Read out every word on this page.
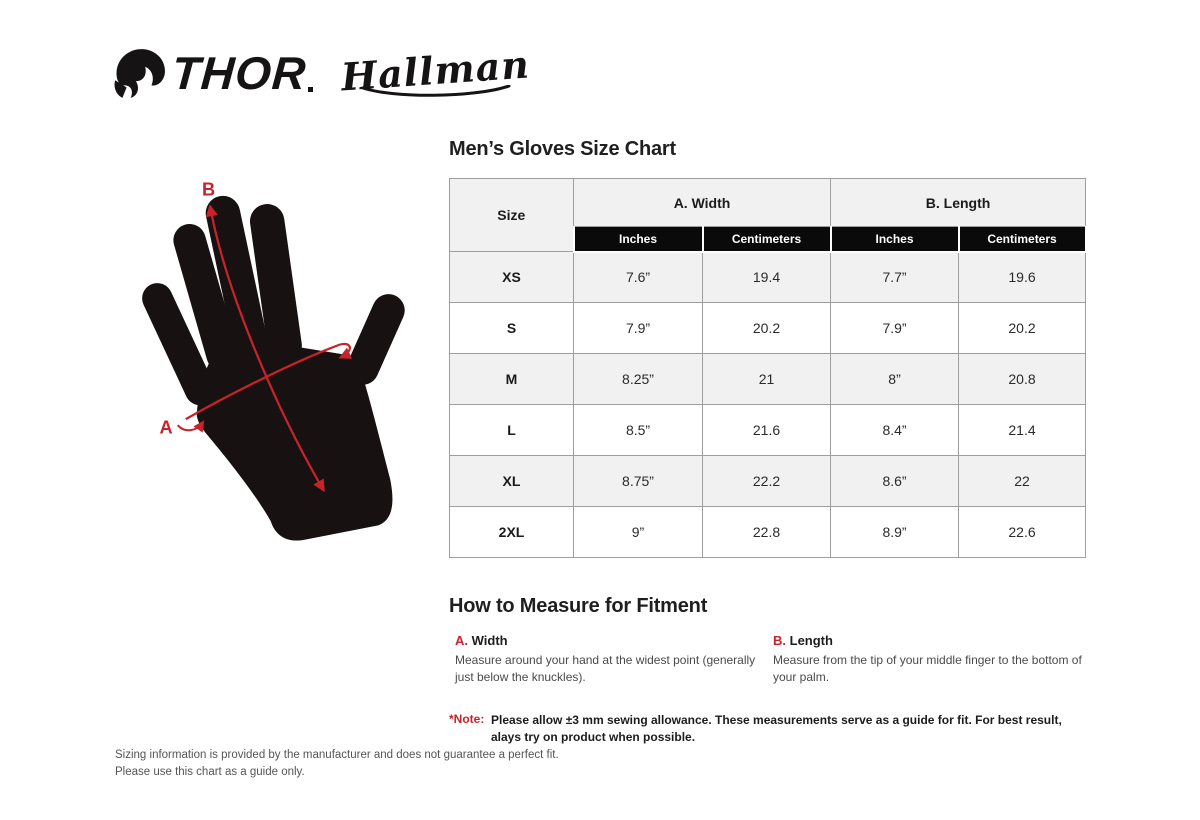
THOR Hallman
B
A
Men’s Gloves Size Chart
Size	A. Width		B. Length	
	Inches	Centimeters	Inches	Centimeters
XS	7.6”	19.4	7.7”	19.6
S	7.9”	20.2	7.9”	20.2
M	8.25”	21	8”	20.8
L	8.5”	21.6	8.4”	21.4
XL	8.75”	22.2	8.6”	22
2XL	9”	22.8	8.9”	22.6
How to Measure for Fitment
A. Width

Measure around your hand at the widest point (generally just below the knuckles).

B. Length

Measure from the tip of your middle finger to the bottom of your palm.

*Note: Please allow ±3 mm sewing allowance. These measurements serve as a guide for fit. For best result, alays try on product when possible.

Sizing information is provided by the manufacturer and does not guarantee a perfect fit.
Please use this chart as a guide only.
